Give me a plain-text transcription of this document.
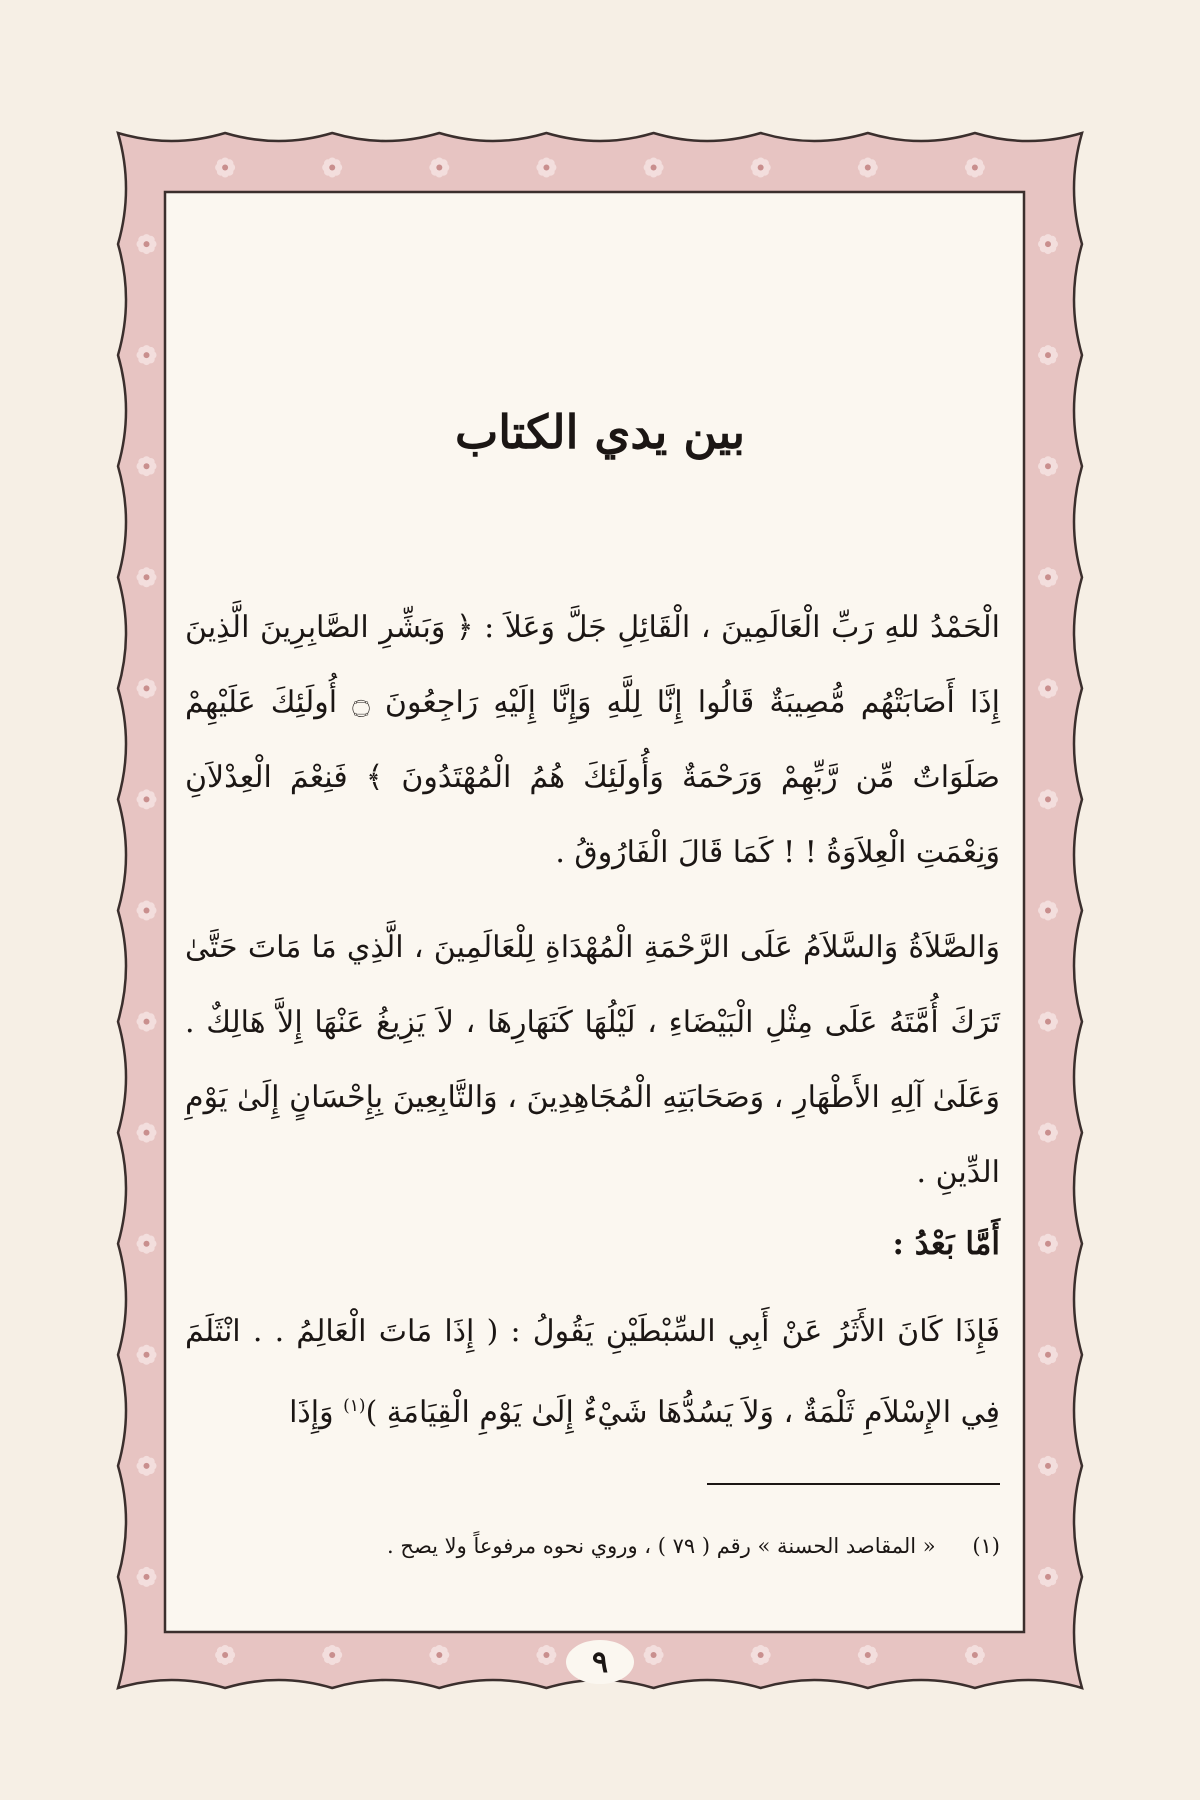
بين يدي الكتاب

الْحَمْدُ للهِ رَبِّ الْعَالَمِينَ ، الْقَائِلِ جَلَّ وَعَلاَ : ﴿ وَبَشِّرِ الصَّابِرِينَ الَّذِينَ إِذَا أَصَابَتْهُم مُّصِيبَةٌ قَالُوا إِنَّا لِلَّهِ وَإِنَّا إِلَيْهِ رَاجِعُونَ ۝ أُولَئِكَ عَلَيْهِمْ صَلَوَاتٌ مِّن رَّبِّهِمْ وَرَحْمَةٌ وَأُولَئِكَ هُمُ الْمُهْتَدُونَ ﴾ فَنِعْمَ الْعِدْلاَنِ وَنِعْمَتِ الْعِلاَوَةُ ! ! كَمَا قَالَ الْفَارُوقُ .

وَالصَّلاَةُ وَالسَّلاَمُ عَلَى الرَّحْمَةِ الْمُهْدَاةِ لِلْعَالَمِينَ ، الَّذِي مَا مَاتَ حَتَّىٰ تَرَكَ أُمَّتَهُ عَلَى مِثْلِ الْبَيْضَاءِ ، لَيْلُهَا كَنَهَارِهَا ، لاَ يَزِيغُ عَنْهَا إِلاَّ هَالِكٌ . وَعَلَىٰ آلِهِ الأَطْهَارِ ، وَصَحَابَتِهِ الْمُجَاهِدِينَ ، وَالتَّابِعِينَ بِإِحْسَانٍ إِلَىٰ يَوْمِ الدِّينِ .

أَمَّا بَعْدُ :

فَإِذَا كَانَ الأَثَرُ عَنْ أَبِي السِّبْطَيْنِ يَقُولُ : ( إِذَا مَاتَ الْعَالِمُ . . انْثَلَمَ فِي الإِسْلاَمِ ثَلْمَةٌ ، وَلاَ يَسُدُّهَا شَيْءٌ إِلَىٰ يَوْمِ الْقِيَامَةِ )$^{(١)}$ وَإِذَا

(١) « المقاصد الحسنة » رقم ( ٧٩ ) ، وروي نحوه مرفوعاً ولا يصح .
٩
